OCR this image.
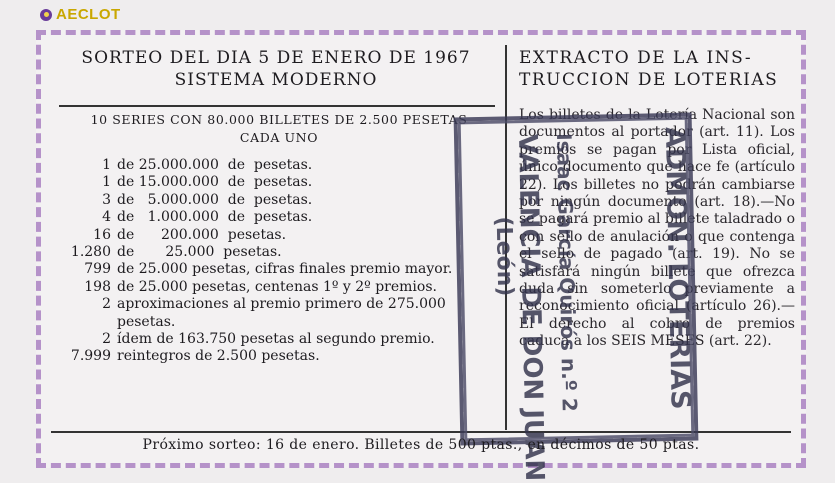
AECLOT
SORTEO DEL DIA 5 DE ENERO DE 1967
SISTEMA MODERNO
EXTRACTO DE LA INS-
TRUCCION DE LOTERIAS
10 SERIES CON 80.000 BILLETES DE 2.500 PESETAS
CADA UNO
1 de 25.000.000  de  pesetas.
1 de 15.000.000  de  pesetas.
3 de   5.000.000  de  pesetas.
4 de   1.000.000  de  pesetas.
16 de      200.000  pesetas.
1.280 de       25.000  pesetas.
799 de 25.000 pesetas, cifras finales premio mayor.
198 de 25.000 pesetas, centenas 1º y 2º premios.
2 aproximaciones al premio primero de 275.000 pesetas.
2 ídem de 163.750 pesetas al segundo premio.
7.999 reintegros de 2.500 pesetas.
Los billetes de la Lotería Nacional son documentos al portador (art. 11). Los premios se pagan por Lista oficial, único documento que hace fe (artículo 22). Los billetes no podrán cambiarse por ningún documento (art. 18).—No se pagará premio al billete taladrado o con sello de anulación o que contenga el sello de pagado (art. 19). No se satisfará ningún billete que ofrezca duda sin someterlo previamente a reconocimiento oficial (artículo 26).—El derecho al cobro de premios caduca a los SEIS MESES (art. 22).
ADMON. LOTERIAS
Isaac García Quirós n.º 2
VALENCIA DE DON JUAN
(León)
Próximo sorteo: 16 de enero. Billetes de 500 ptas., en décimos de 50 ptas.
